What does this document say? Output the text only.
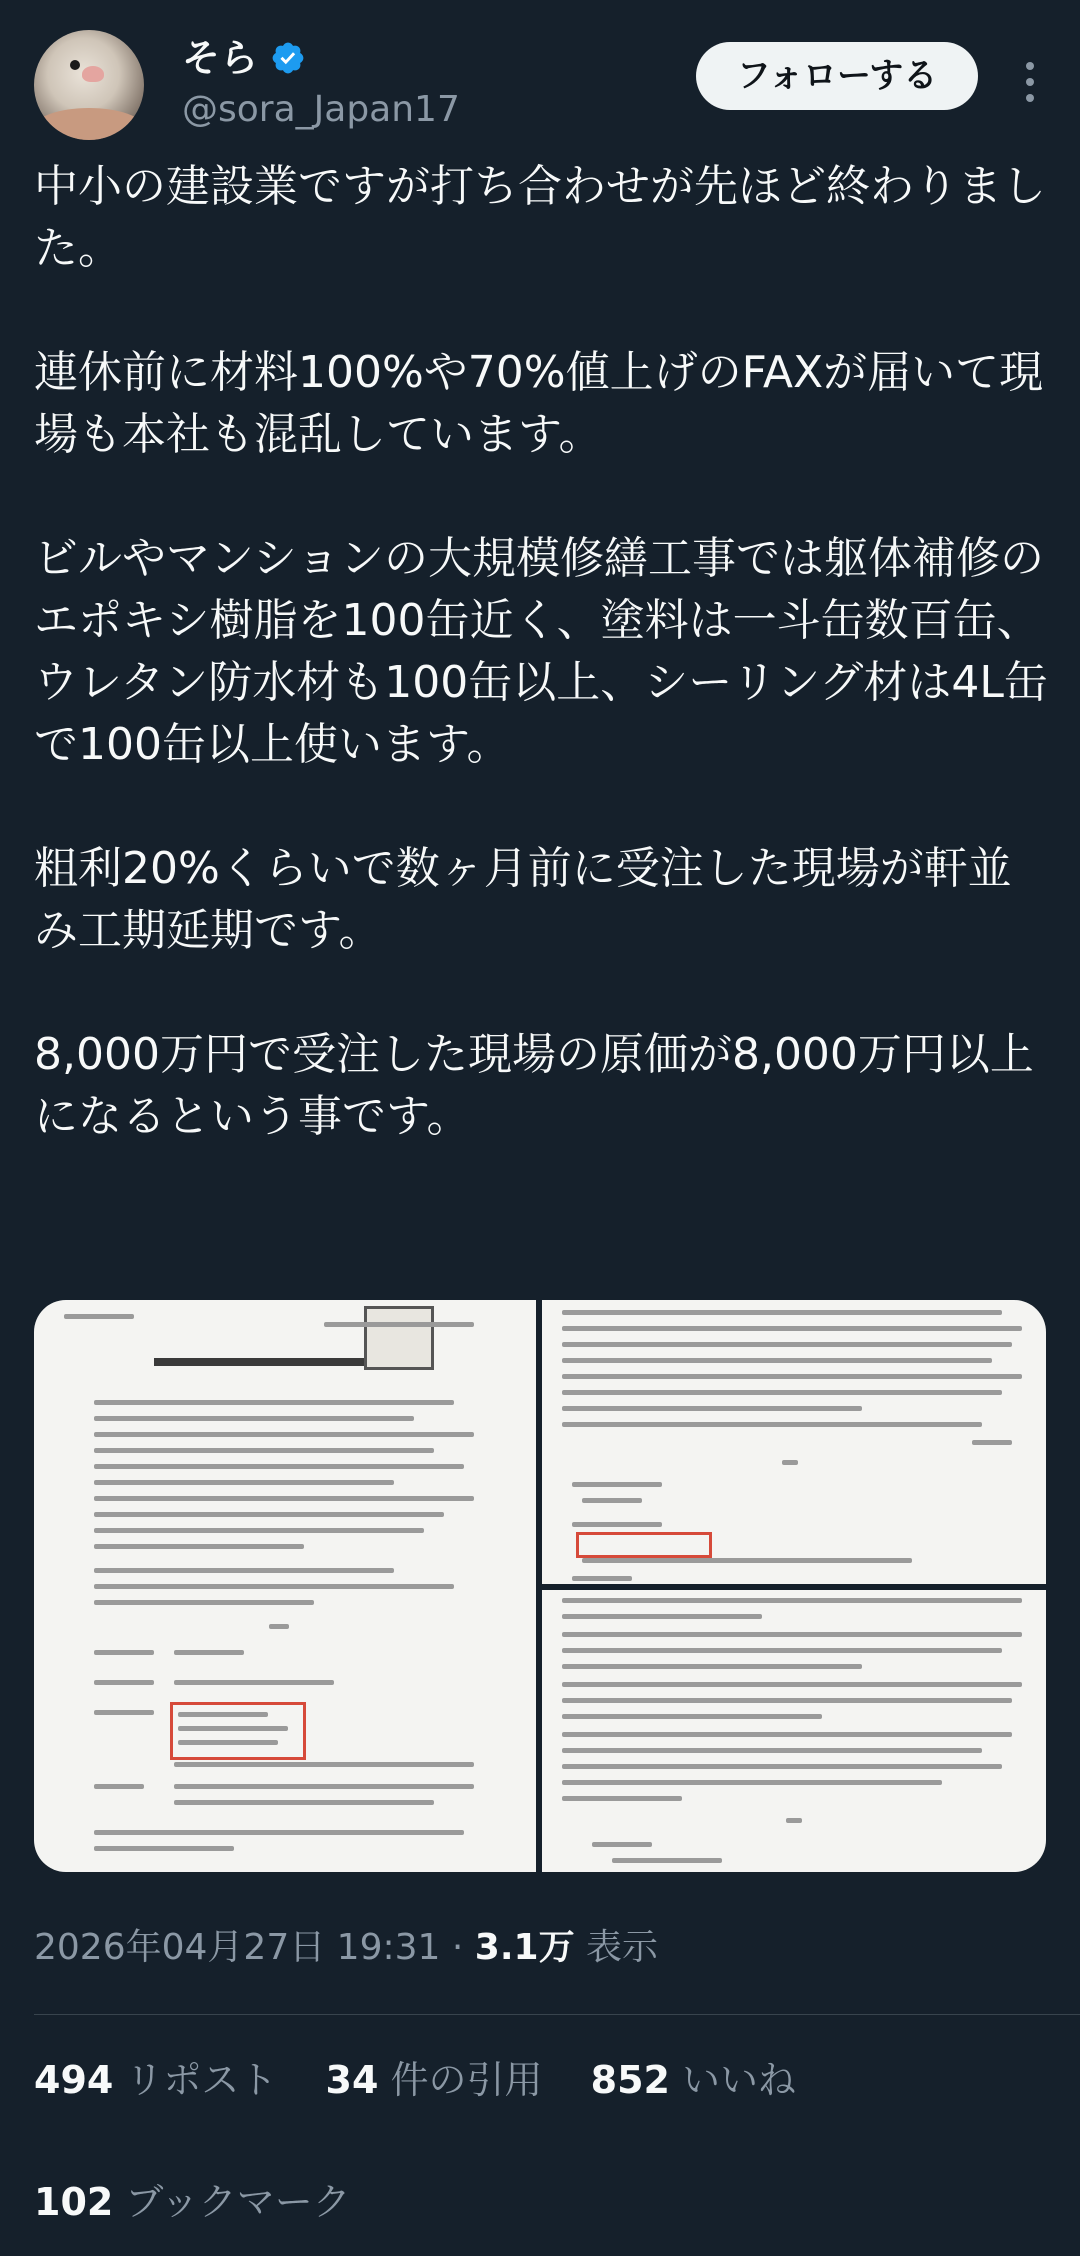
そら
@sora_Japan17
フォローする

中小の建設業ですが打ち合わせが先ほど終わりました。

連休前に材料100%や70%値上げのFAXが届いて現場も本社も混乱しています。

ビルやマンションの大規模修繕工事では躯体補修のエポキシ樹脂を100缶近く、塗料は一斗缶数百缶、ウレタン防水材も100缶以上、シーリング材は4L缶で100缶以上使います。

粗利20%くらいで数ヶ月前に受注した現場が軒並み工期延期です。

8,000万円で受注した現場の原価が8,000万円以上になるという事です。

2026年04月27日 19:31 · 3.1万 表示
494 リポスト 34 件の引用 852 いいね
102 ブックマーク
